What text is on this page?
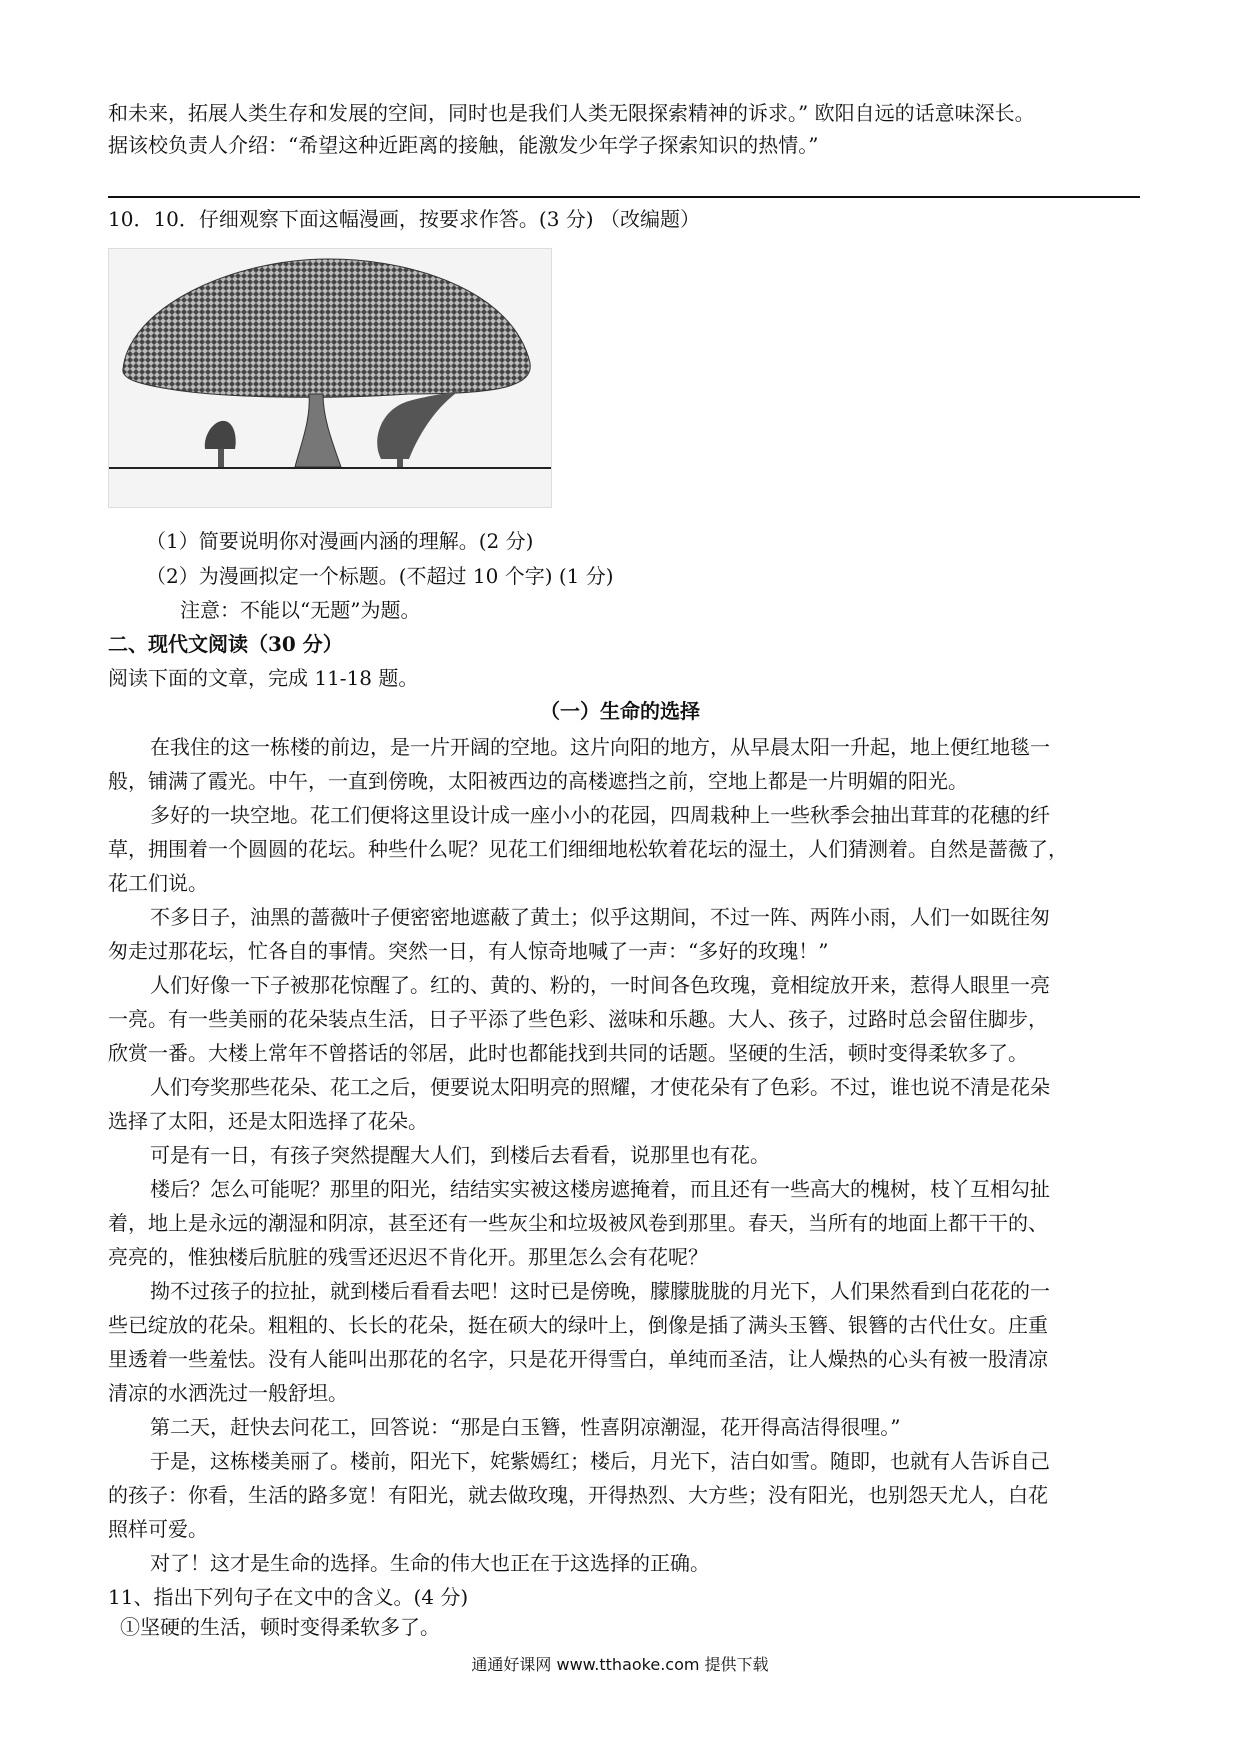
和未来，拓展人类生存和发展的空间，同时也是我们人类无限探索精神的诉求。” 欧阳自远的话意味深长。
据该校负责人介绍：“希望这种近距离的接触，能激发少年学子探索知识的热情。”
10．10．仔细观察下面这幅漫画，按要求作答。(3 分) （改编题）
（1）简要说明你对漫画内涵的理解。(2 分)
（2）为漫画拟定一个标题。(不超过 10 个字) (1 分)
注意：不能以“无题”为题。
二、现代文阅读（30 分）
阅读下面的文章，完成 11-18 题。
（一）生命的选择
在我住的这一栋楼的前边，是一片开阔的空地。这片向阳的地方，从早晨太阳一升起，地上便红地毯一
般，铺满了霞光。中午，一直到傍晚，太阳被西边的高楼遮挡之前，空地上都是一片明媚的阳光。
多好的一块空地。花工们便将这里设计成一座小小的花园，四周栽种上一些秋季会抽出茸茸的花穗的纤
草，拥围着一个圆圆的花坛。种些什么呢？见花工们细细地松软着花坛的湿土，人们猜测着。自然是蔷薇了，
花工们说。
不多日子，油黑的蔷薇叶子便密密地遮蔽了黄土；似乎这期间，不过一阵、两阵小雨，人们一如既往匆
匆走过那花坛，忙各自的事情。突然一日，有人惊奇地喊了一声：“多好的玫瑰！”
人们好像一下子被那花惊醒了。红的、黄的、粉的，一时间各色玫瑰，竟相绽放开来，惹得人眼里一亮
一亮。有一些美丽的花朵装点生活，日子平添了些色彩、滋味和乐趣。大人、孩子，过路时总会留住脚步，
欣赏一番。大楼上常年不曾搭话的邻居，此时也都能找到共同的话题。坚硬的生活，顿时变得柔软多了。
人们夸奖那些花朵、花工之后，便要说太阳明亮的照耀，才使花朵有了色彩。不过，谁也说不清是花朵
选择了太阳，还是太阳选择了花朵。
可是有一日，有孩子突然提醒大人们，到楼后去看看，说那里也有花。
楼后？怎么可能呢？那里的阳光，结结实实被这楼房遮掩着，而且还有一些高大的槐树，枝丫互相勾扯
着，地上是永远的潮湿和阴凉，甚至还有一些灰尘和垃圾被风卷到那里。春天，当所有的地面上都干干的、
亮亮的，惟独楼后肮脏的残雪还迟迟不肯化开。那里怎么会有花呢？
拗不过孩子的拉扯，就到楼后看看去吧！这时已是傍晚，朦朦胧胧的月光下，人们果然看到白花花的一
些已绽放的花朵。粗粗的、长长的花朵，挺在硕大的绿叶上，倒像是插了满头玉簪、银簪的古代仕女。庄重
里透着一些羞怯。没有人能叫出那花的名字，只是花开得雪白，单纯而圣洁，让人燥热的心头有被一股清凉
清凉的水洒洗过一般舒坦。
第二天，赶快去问花工，回答说：“那是白玉簪，性喜阴凉潮湿，花开得高洁得很哩。”
于是，这栋楼美丽了。楼前，阳光下，姹紫嫣红；楼后，月光下，洁白如雪。随即，也就有人告诉自己
的孩子：你看，生活的路多宽！有阳光，就去做玫瑰，开得热烈、大方些；没有阳光，也别怨天尤人，白花
照样可爱。
对了！这才是生命的选择。生命的伟大也正在于这选择的正确。
11、指出下列句子在文中的含义。(4 分)
①坚硬的生活，顿时变得柔软多了。
通通好课网 www.tthaoke.com 提供下载
